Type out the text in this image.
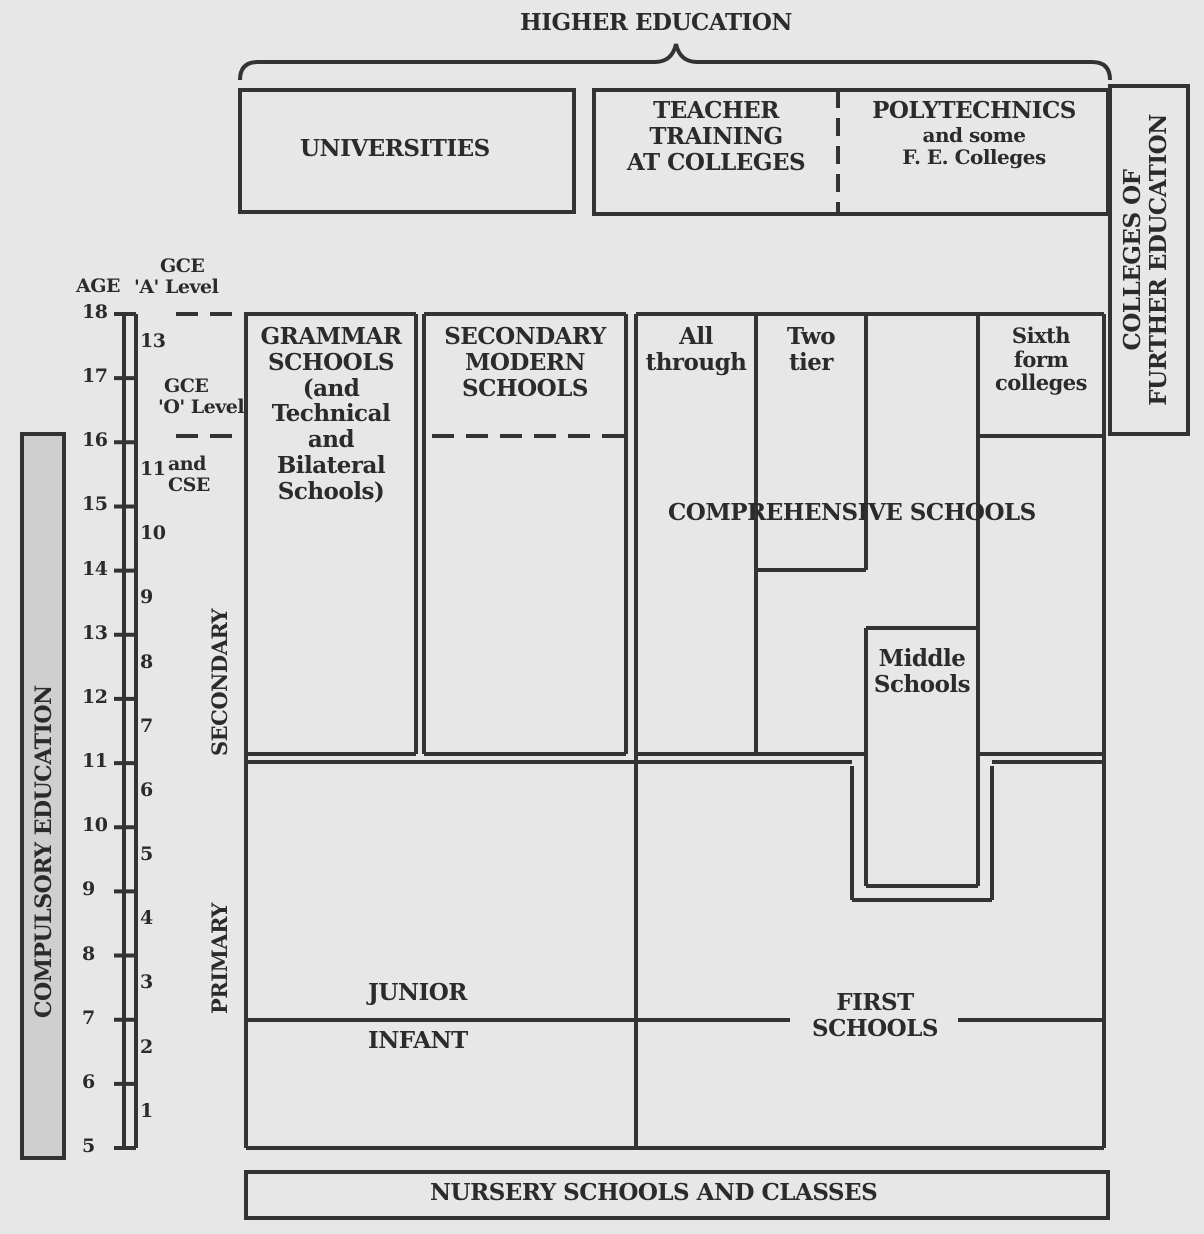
HIGHER EDUCATION
UNIVERSITIES
TEACHER
TRAINING
AT COLLEGES
POLYTECHNICS
and some
F. E. Colleges
COLLEGES OF
FURTHER EDUCATION
AGE
GCE
'A' Level
GCE
'O' Level
and
CSE
18
17
16
15
14
13
12
11
10
9
8
7
6
5
13
11
10
9
8
7
6
5
4
3
2
1
COMPULSORY EDUCATION
SECONDARY
PRIMARY
GRAMMAR
SCHOOLS
(and
Technical
and
Bilateral
Schools)
SECONDARY
MODERN
SCHOOLS
All
through
Two
tier
Sixth
form
colleges
COMPREHENSIVE SCHOOLS
Middle
Schools
JUNIOR
INFANT
FIRST
SCHOOLS
NURSERY SCHOOLS AND CLASSES
